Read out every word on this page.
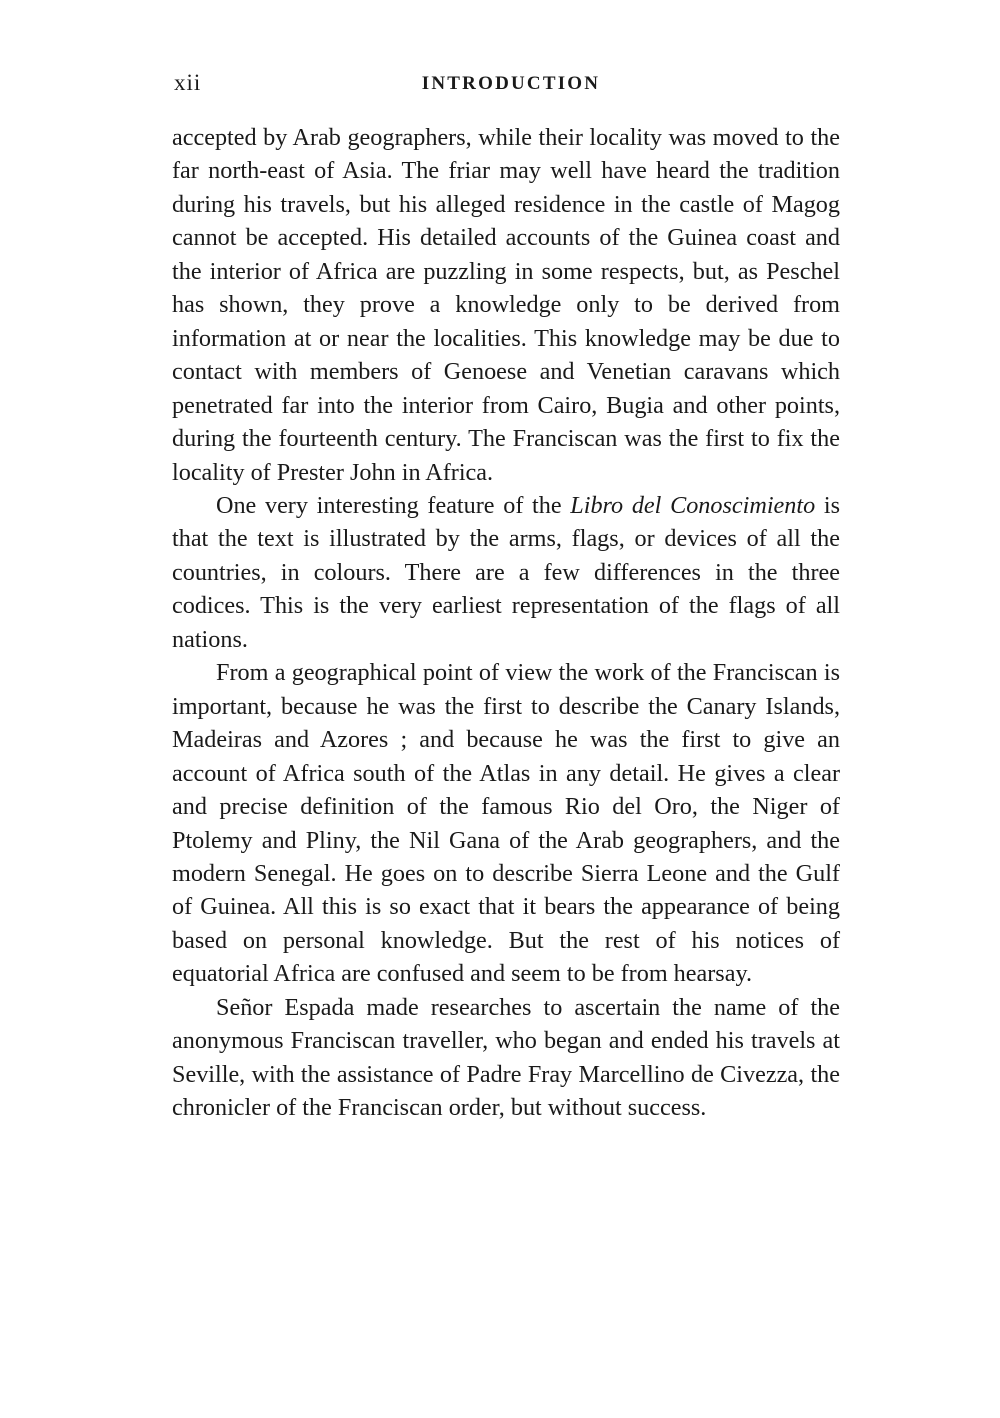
xii	INTRODUCTION

accepted by Arab geographers, while their locality was moved to the far north-east of Asia. The friar may well have heard the tradition during his travels, but his alleged residence in the castle of Magog cannot be accepted. His detailed accounts of the Guinea coast and the interior of Africa are puzzling in some respects, but, as Peschel has shown, they prove a knowledge only to be derived from information at or near the localities. This knowledge may be due to contact with members of Genoese and Venetian caravans which penetrated far into the interior from Cairo, Bugia and other points, during the fourteenth century. The Franciscan was the first to fix the locality of Prester John in Africa.

One very interesting feature of the Libro del Conoscimiento is that the text is illustrated by the arms, flags, or devices of all the countries, in colours. There are a few differences in the three codices. This is the very earliest representation of the flags of all nations.

From a geographical point of view the work of the Franciscan is important, because he was the first to describe the Canary Islands, Madeiras and Azores ; and because he was the first to give an account of Africa south of the Atlas in any detail. He gives a clear and precise definition of the famous Rio del Oro, the Niger of Ptolemy and Pliny, the Nil Gana of the Arab geographers, and the modern Senegal. He goes on to describe Sierra Leone and the Gulf of Guinea. All this is so exact that it bears the appearance of being based on personal knowledge. But the rest of his notices of equatorial Africa are confused and seem to be from hearsay.

Señor Espada made researches to ascertain the name of the anonymous Franciscan traveller, who began and ended his travels at Seville, with the assistance of Padre Fray Marcellino de Civezza, the chronicler of the Franciscan order, but without success.
